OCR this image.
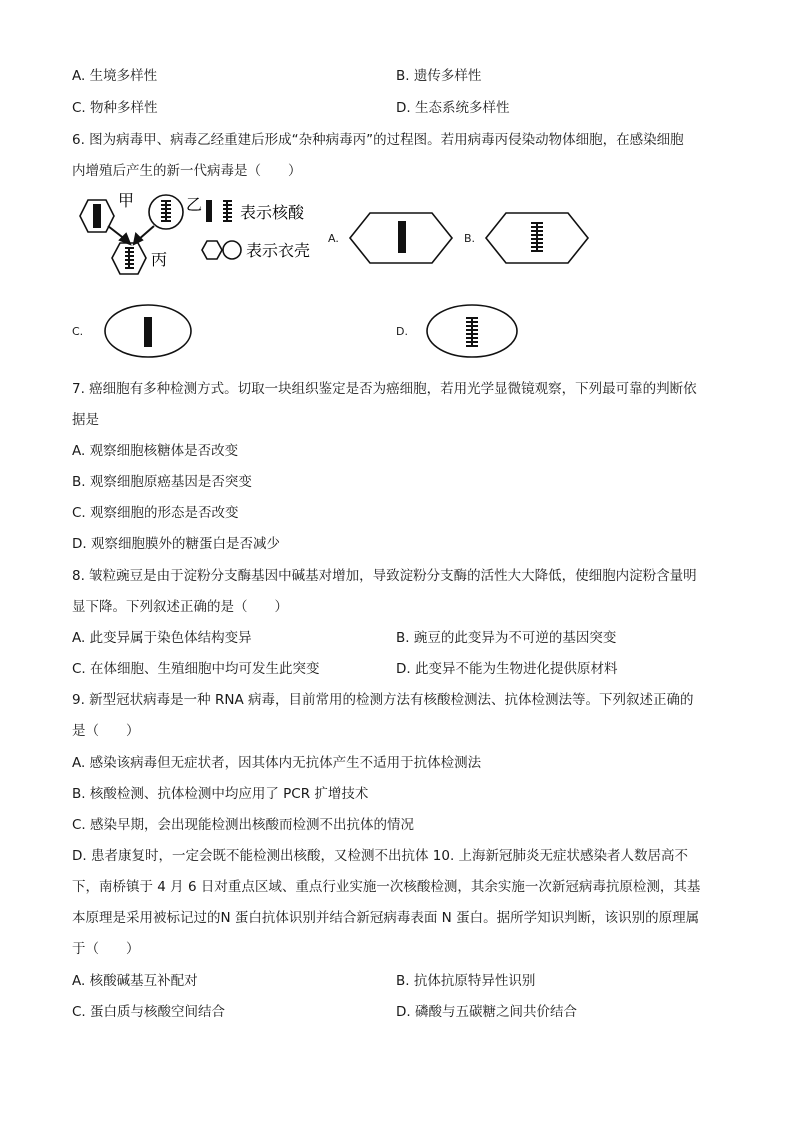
A. 生境多样性	B. 遗传多样性
C. 物种多样性	D. 生态系统多样性
6. 图为病毒甲、病毒乙经重建后形成“杂种病毒丙”的过程图。若用病毒丙侵染动物体细胞，在感染细胞
内增殖后产生的新一代病毒是（　　）
甲	乙 表示核酸
丙	表示衣壳
A.	B.
C.	D.
7. 癌细胞有多种检测方式。切取一块组织鉴定是否为癌细胞，若用光学显微镜观察，下列最可靠的判断依
据是
A. 观察细胞核糖体是否改变
B. 观察细胞原癌基因是否突变
C. 观察细胞的形态是否改变
D. 观察细胞膜外的糖蛋白是否减少
8. 皱粒豌豆是由于淀粉分支酶基因中碱基对增加，导致淀粉分支酶的活性大大降低，使细胞内淀粉含量明
显下降。下列叙述正确的是（　　）
A. 此变异属于染色体结构变异	B. 豌豆的此变异为不可逆的基因突变
C. 在体细胞、生殖细胞中均可发生此突变	D. 此变异不能为生物进化提供原材料
9. 新型冠状病毒是一种 RNA 病毒，目前常用的检测方法有核酸检测法、抗体检测法等。下列叙述正确的
是（　　）
A. 感染该病毒但无症状者，因其体内无抗体产生不适用于抗体检测法
B. 核酸检测、抗体检测中均应用了 PCR 扩增技术
C. 感染早期，会出现能检测出核酸而检测不出抗体的情况
D. 患者康复时，一定会既不能检测出核酸，又检测不出抗体 10. 上海新冠肺炎无症状感染者人数居高不
下，南桥镇于 4 月 6 日对重点区域、重点行业实施一次核酸检测，其余实施一次新冠病毒抗原检测，其基
本原理是采用被标记过的N 蛋白抗体识别并结合新冠病毒表面 N 蛋白。据所学知识判断，该识别的原理属
于（　　）
A. 核酸碱基互补配对	B. 抗体抗原特异性识别
C. 蛋白质与核酸空间结合	D. 磷酸与五碳糖之间共价结合
